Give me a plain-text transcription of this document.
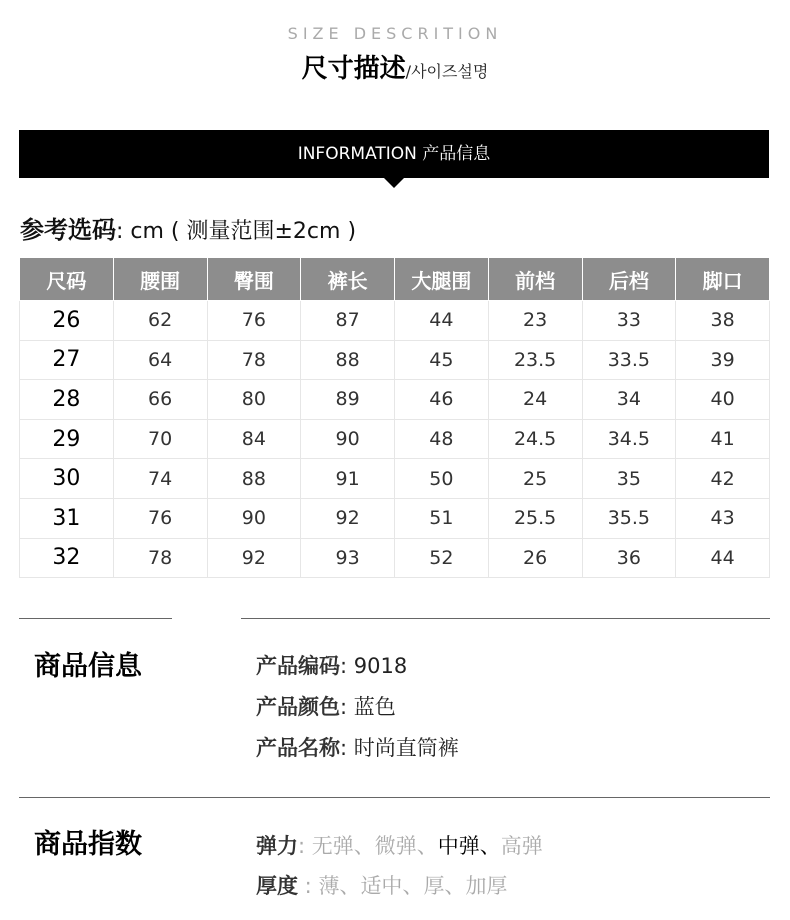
SIZE DESCRITION
尺寸描述/사이즈설명
INFORMATION 产品信息
参考选码: cm ( 测量范围±2cm )
尺码	腰围	臀围	裤长	大腿围	前档	后档	脚口
26	62	76	87	44	23	33	38
27	64	78	88	45	23.5	33.5	39
28	66	80	89	46	24	34	40
29	70	84	90	48	24.5	34.5	41
30	74	88	91	50	25	35	42
31	76	90	92	51	25.5	35.5	43
32	78	92	93	52	26	36	44
商品信息	产品编码: 9018
产品颜色: 蓝色
产品名称: 时尚直筒裤
商品指数	弹力: 无弹、微弹、中弹、高弹
厚度 : 薄、适中、厚、加厚
